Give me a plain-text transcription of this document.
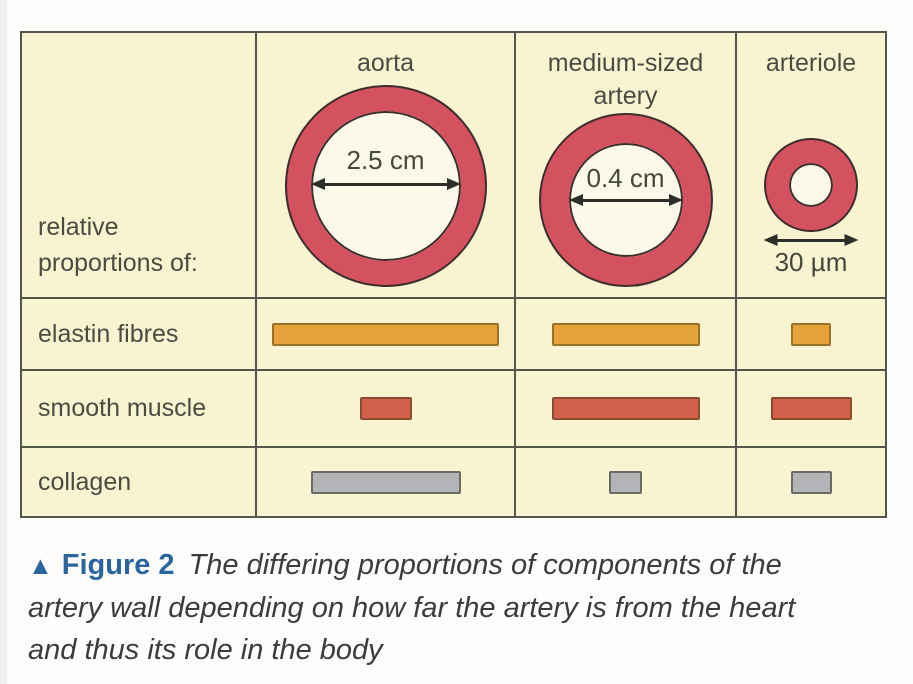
relative proportions of:
aorta
2.5 cm
medium-sized artery
0.4 cm
arteriole
30 µm
elastin fibres
smooth muscle
collagen
▲ Figure 2 The differing proportions of components of the artery wall depending on how far the artery is from the heart and thus its role in the body
